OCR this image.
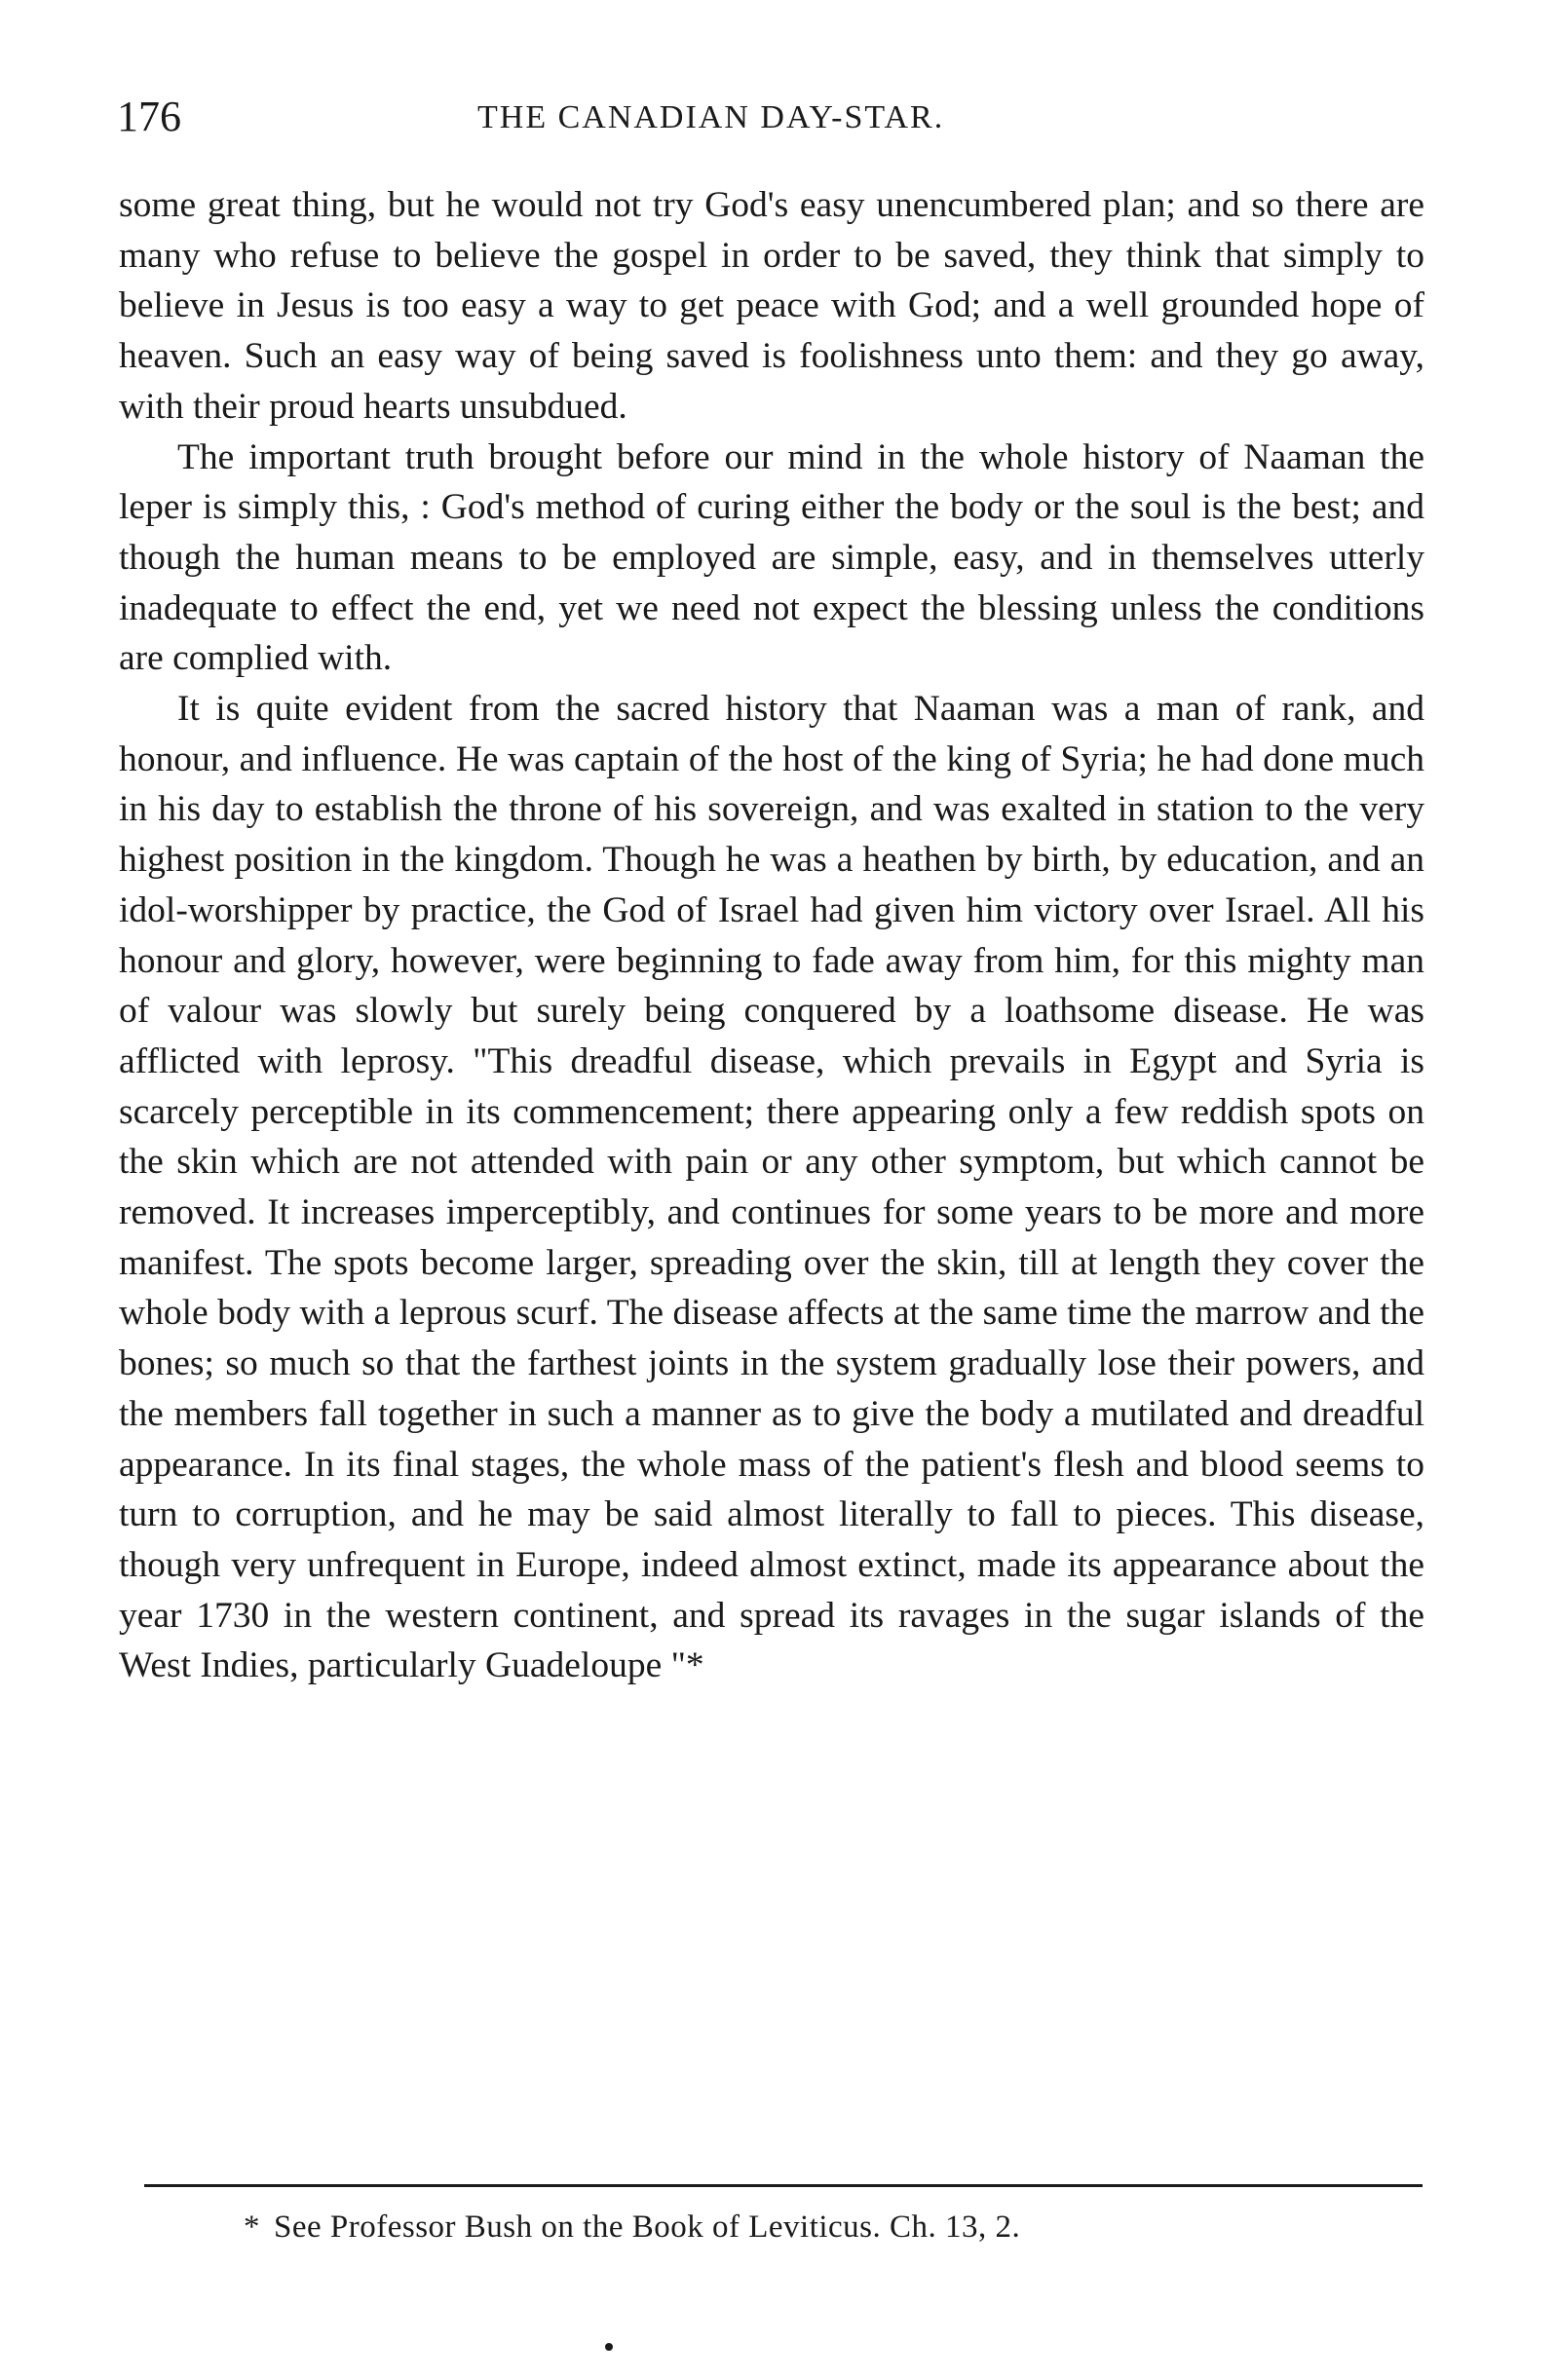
176	THE CANADIAN DAY-STAR.

some great thing, but he would not try God's easy unencumbered plan; and so there are many who refuse to believe the gospel in order to be saved, they think that simply to believe in Jesus is too easy a way to get peace with God; and a well grounded hope of heaven. Such an easy way of being saved is foolishness unto them: and they go away, with their proud hearts unsubdued.

The important truth brought before our mind in the whole history of Naaman the leper is simply this, : God's method of curing either the body or the soul is the best; and though the human means to be employed are simple, easy, and in themselves utterly inadequate to effect the end, yet we need not expect the blessing unless the conditions are complied with.

It is quite evident from the sacred history that Naaman was a man of rank, and honour, and influence. He was captain of the host of the king of Syria; he had done much in his day to establish the throne of his sovereign, and was exalted in station to the very highest position in the kingdom. Though he was a heathen by birth, by education, and an idol-worshipper by practice, the God of Israel had given him victory over Israel. All his honour and glory, however, were beginning to fade away from him, for this mighty man of valour was slowly but surely being conquered by a loathsome disease. He was afflicted with leprosy. "This dreadful disease, which prevails in Egypt and Syria is scarcely perceptible in its commencement; there appearing only a few reddish spots on the skin which are not attended with pain or any other symptom, but which cannot be removed. It increases imperceptibly, and continues for some years to be more and more manifest. The spots become larger, spreading over the skin, till at length they cover the whole body with a leprous scurf. The disease affects at the same time the marrow and the bones; so much so that the farthest joints in the system gradually lose their powers, and the members fall together in such a manner as to give the body a mutilated and dreadful appearance. In its final stages, the whole mass of the patient's flesh and blood seems to turn to corruption, and he may be said almost literally to fall to pieces. This disease, though very unfrequent in Europe, indeed almost extinct, made its appearance about the year 1730 in the western continent, and spread its ravages in the sugar islands of the West Indies, particularly Guadeloupe "*

* See Professor Bush on the Book of Leviticus. Ch. 13, 2.
